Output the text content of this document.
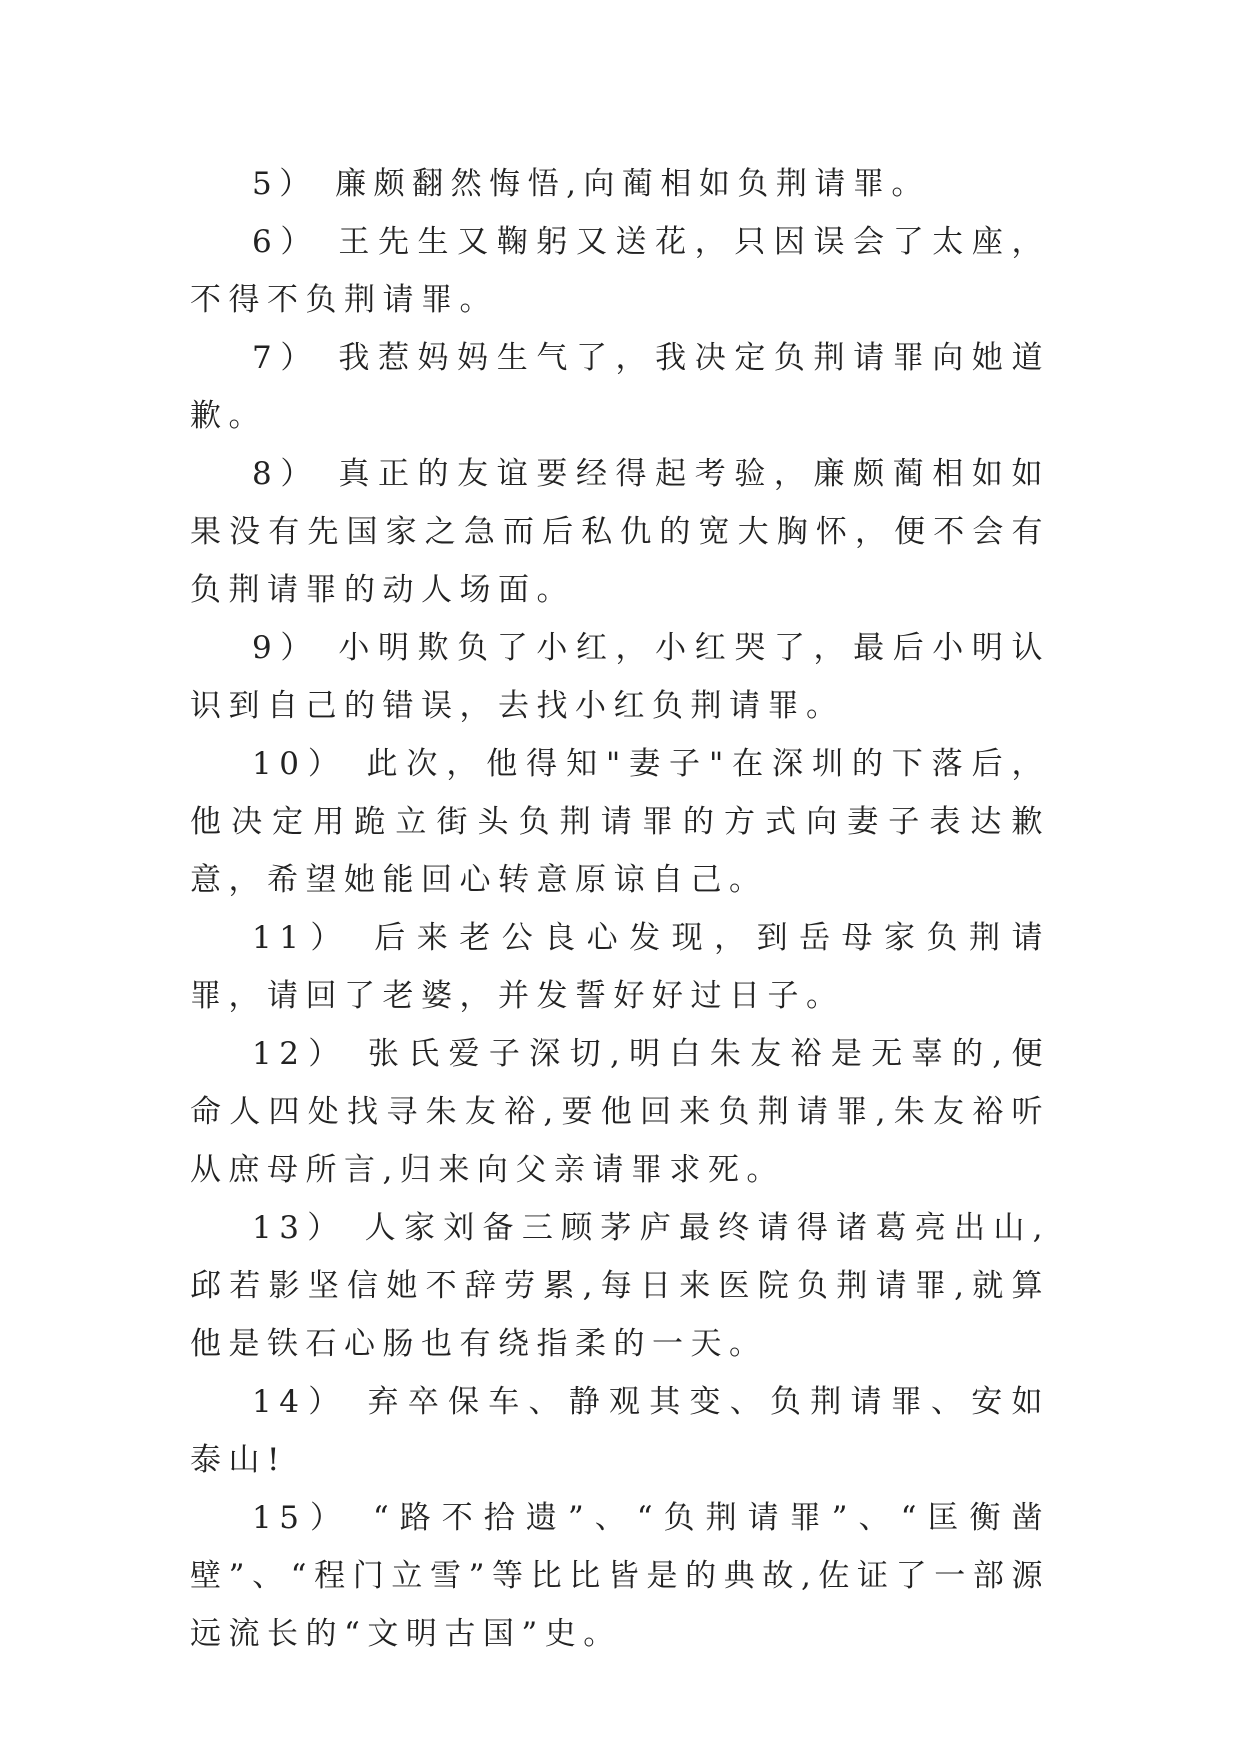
5） 廉颇翻然悔悟,向蔺相如负荆请罪。

6） 王先生又鞠躬又送花，只因误会了太座，不得不负荆请罪。

7） 我惹妈妈生气了，我决定负荆请罪向她道歉。

8） 真正的友谊要经得起考验，廉颇蔺相如如果没有先国家之急而后私仇的宽大胸怀，便不会有负荆请罪的动人场面。

9） 小明欺负了小红，小红哭了，最后小明认识到自己的错误，去找小红负荆请罪。

10） 此次，他得知"妻子"在深圳的下落后，他决定用跪立街头负荆请罪的方式向妻子表达歉意，希望她能回心转意原谅自己。

11） 后来老公良心发现，到岳母家负荆请罪，请回了老婆，并发誓好好过日子。

12） 张氏爱子深切,明白朱友裕是无辜的,便命人四处找寻朱友裕,要他回来负荆请罪,朱友裕听从庶母所言,归来向父亲请罪求死。

13） 人家刘备三顾茅庐最终请得诸葛亮出山,邱若影坚信她不辞劳累,每日来医院负荆请罪,就算他是铁石心肠也有绕指柔的一天。

14） 弃卒保车、静观其变、负荆请罪、安如泰山!

15） “路不拾遗”、“负荆请罪”、“匡衡凿壁”、“程门立雪”等比比皆是的典故,佐证了一部源远流长的“文明古国”史。
